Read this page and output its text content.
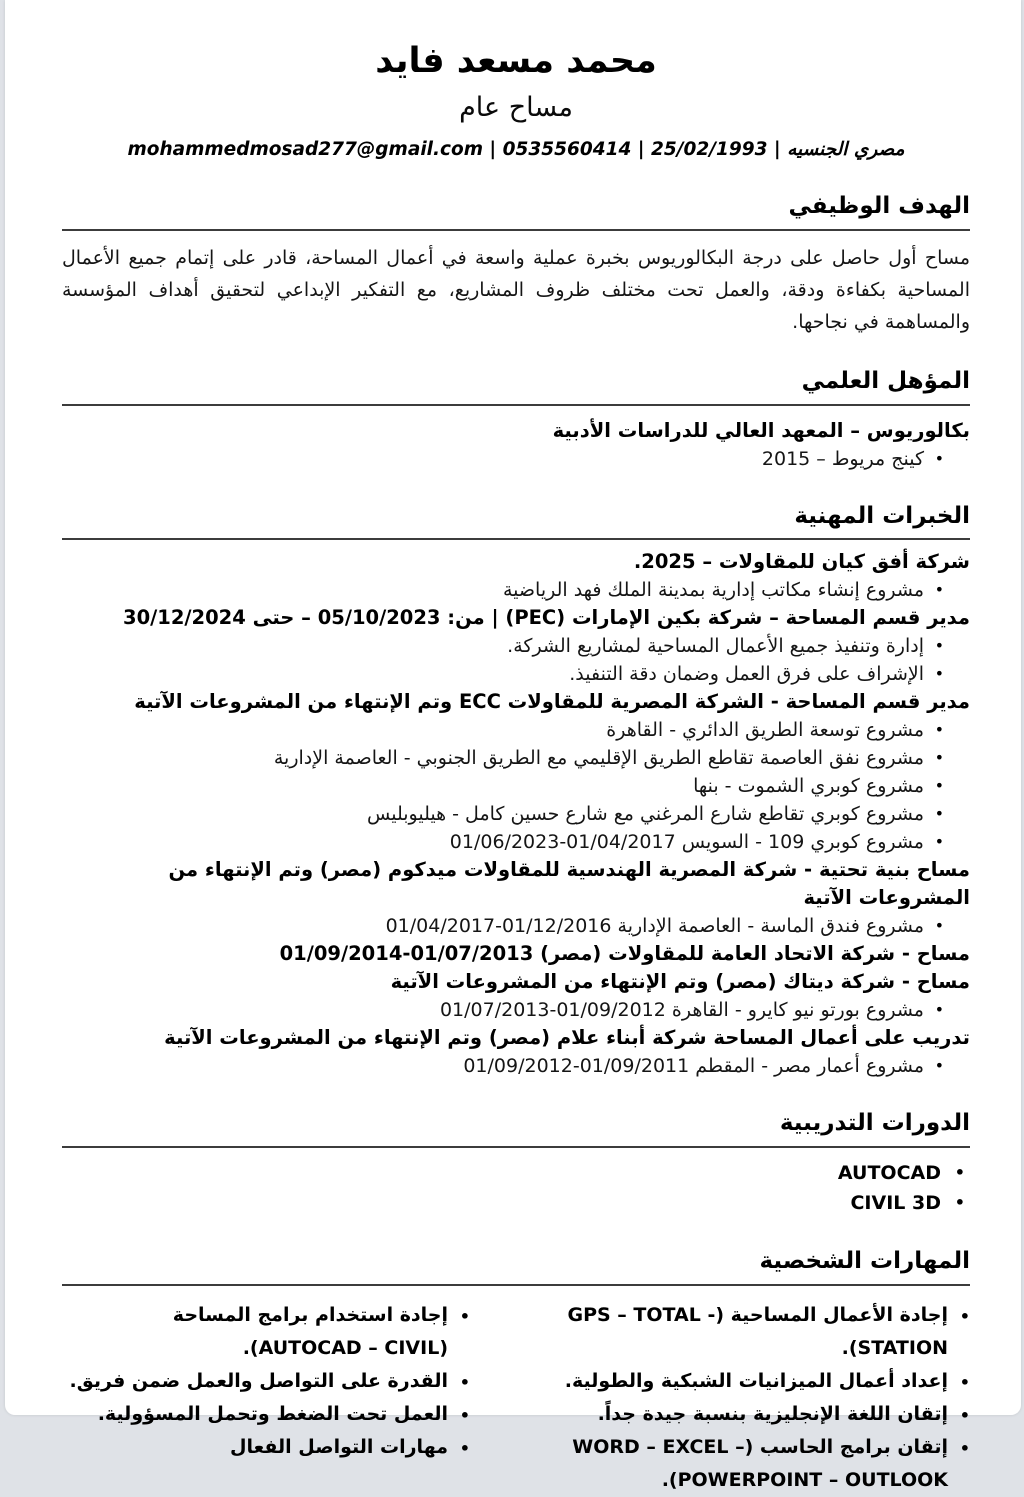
محمد مسعد فايد
مساح عام
مصري الجنسيه | 25/02/1993 | mohammedmosad277@gmail.com | 0535560414
الهدف الوظيفي

مساح أول حاصل على درجة البكالوريوس بخبرة عملية واسعة في أعمال المساحة، قادر على إتمام جميع الأعمال المساحية بكفاءة ودقة، والعمل تحت مختلف ظروف المشاريع، مع التفكير الإبداعي لتحقيق أهداف المؤسسة والمساهمة في نجاحها.

المؤهل العلمي
بكالوريوس – المعهد العالي للدراسات الأدبية
• كينج مريوط – 2015
الخبرات المهنية
شركة أفق كيان للمقاولات – 2025.
• مشروع إنشاء مكاتب إدارية بمدينة الملك فهد الرياضية
مدير قسم المساحة – شركة بكين الإمارات (PEC) | من: 05/10/2023 – حتى 30/12/2024
• إدارة وتنفيذ جميع الأعمال المساحية لمشاريع الشركة.
• الإشراف على فرق العمل وضمان دقة التنفيذ.
مدير قسم المساحة - الشركة المصرية للمقاولات ECC وتم الإنتهاء من المشروعات الآتية
• مشروع توسعة الطريق الدائري - القاهرة
• مشروع نفق العاصمة تقاطع الطريق الإقليمي مع الطريق الجنوبي - العاصمة الإدارية
• مشروع كوبري الشموت - بنها
• مشروع كوبري تقاطع شارع المرغني مع شارع حسين كامل - هيليوبليس
• مشروع كوبري 109 - السويس 01/04/2017-01/06/2023
مساح بنية تحتية - شركة المصرية الهندسية للمقاولات ميدكوم (مصر) وتم الإنتهاء من المشروعات الآتية
• مشروع فندق الماسة - العاصمة الإدارية 01/12/2016-01/04/2017
مساح - شركة الاتحاد العامة للمقاولات (مصر) 01/07/2013-01/09/2014
مساح - شركة ديتاك (مصر) وتم الإنتهاء من المشروعات الآتية
• مشروع بورتو نيو كايرو - القاهرة 01/09/2012-01/07/2013
تدريب على أعمال المساحة شركة أبناء علام (مصر) وتم الإنتهاء من المشروعات الآتية
• مشروع أعمار مصر - المقطم 01/09/2011-01/09/2012
الدورات التدريبية
• AUTOCAD
• CIVIL 3D
المهارات الشخصية
• إجادة الأعمال المساحية (GPS – TOTAL - STATION).
• إعداد أعمال الميزانيات الشبكية والطولية.
• إتقان اللغة الإنجليزية بنسبة جيدة جداً.
• إتقان برامج الحاسب (WORD – EXCEL – POWERPOINT – OUTLOOK).
• إجادة استخدام برامج المساحة (AUTOCAD – CIVIL).
• القدرة على التواصل والعمل ضمن فريق.
• العمل تحت الضغط وتحمل المسؤولية.
• مهارات التواصل الفعال
